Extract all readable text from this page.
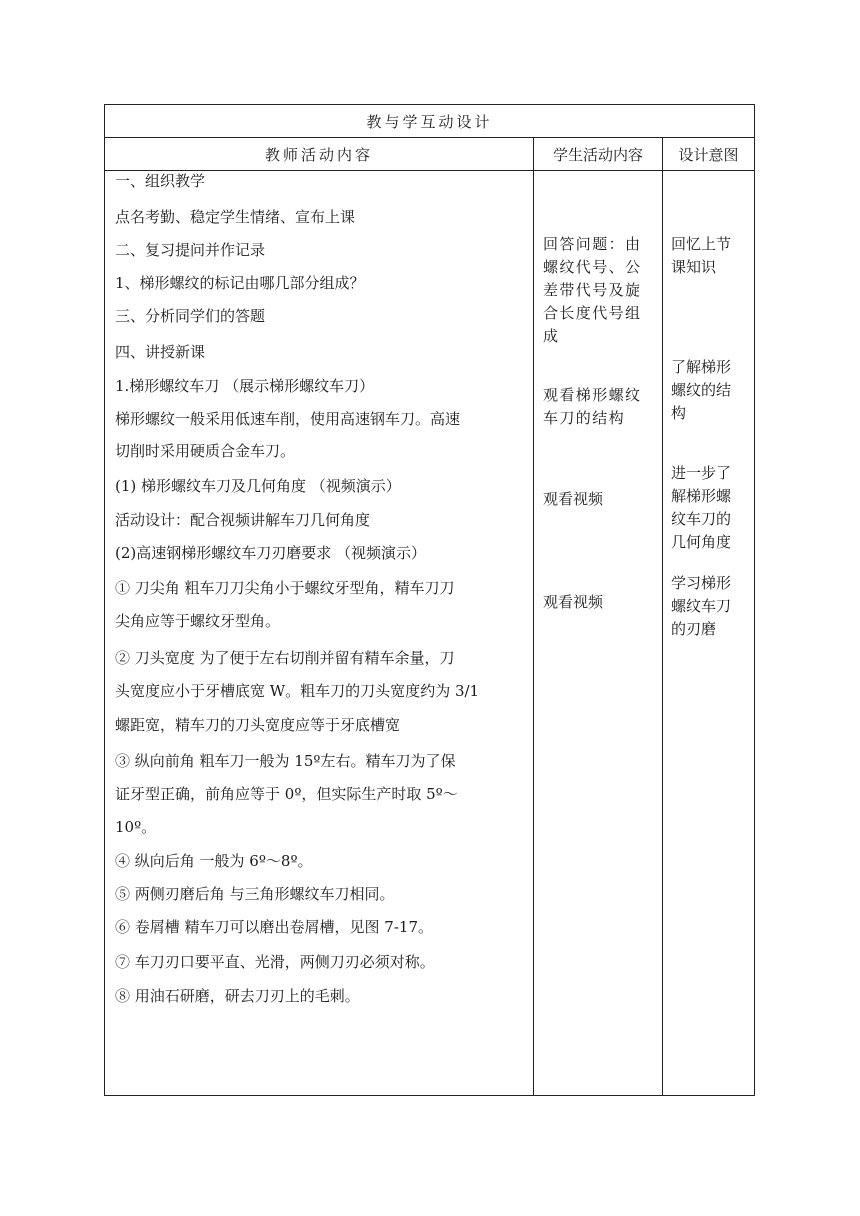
教与学互动设计
教师活动内容	学生活动内容	设计意图
一、组织教学
点名考勤、稳定学生情绪、宣布上课
二、复习提问并作记录
1、梯形螺纹的标记由哪几部分组成？
三、分析同学们的答题
四、讲授新课
1.梯形螺纹车刀 （展示梯形螺纹车刀）
梯形螺纹一般采用低速车削，使用高速钢车刀。高速
切削时采用硬质合金车刀。
(1) 梯形螺纹车刀及几何角度 （视频演示）
活动设计：配合视频讲解车刀几何角度
(2)高速钢梯形螺纹车刀刃磨要求 （视频演示）
① 刀尖角 粗车刀刀尖角小于螺纹牙型角，精车刀刀
尖角应等于螺纹牙型角。
② 刀头宽度 为了便于左右切削并留有精车余量，刀
头宽度应小于牙槽底宽 W。粗车刀的刀头宽度约为 3/1
螺距宽，精车刀的刀头宽度应等于牙底槽宽
③ 纵向前角 粗车刀一般为 15º左右。精车刀为了保
证牙型正确，前角应等于 0º，但实际生产时取 5º～
10º。
④ 纵向后角 一般为 6º～8º。
⑤ 两侧刃磨后角 与三角形螺纹车刀相同。
⑥ 卷屑槽 精车刀可以磨出卷屑槽，见图 7-17。
⑦ 车刀刃口要平直、光滑，两侧刀刃必须对称。
⑧ 用油石研磨，研去刀刃上的毛刺。
回答问题：由
螺纹代号、公
差带代号及旋
合长度代号组
成
观看梯形螺纹
车刀的结构
观看视频
观看视频
回忆上节
课知识
了解梯形
螺纹的结
构
进一步了
解梯形螺
纹车刀的
几何角度
学习梯形
螺纹车刀
的刃磨
